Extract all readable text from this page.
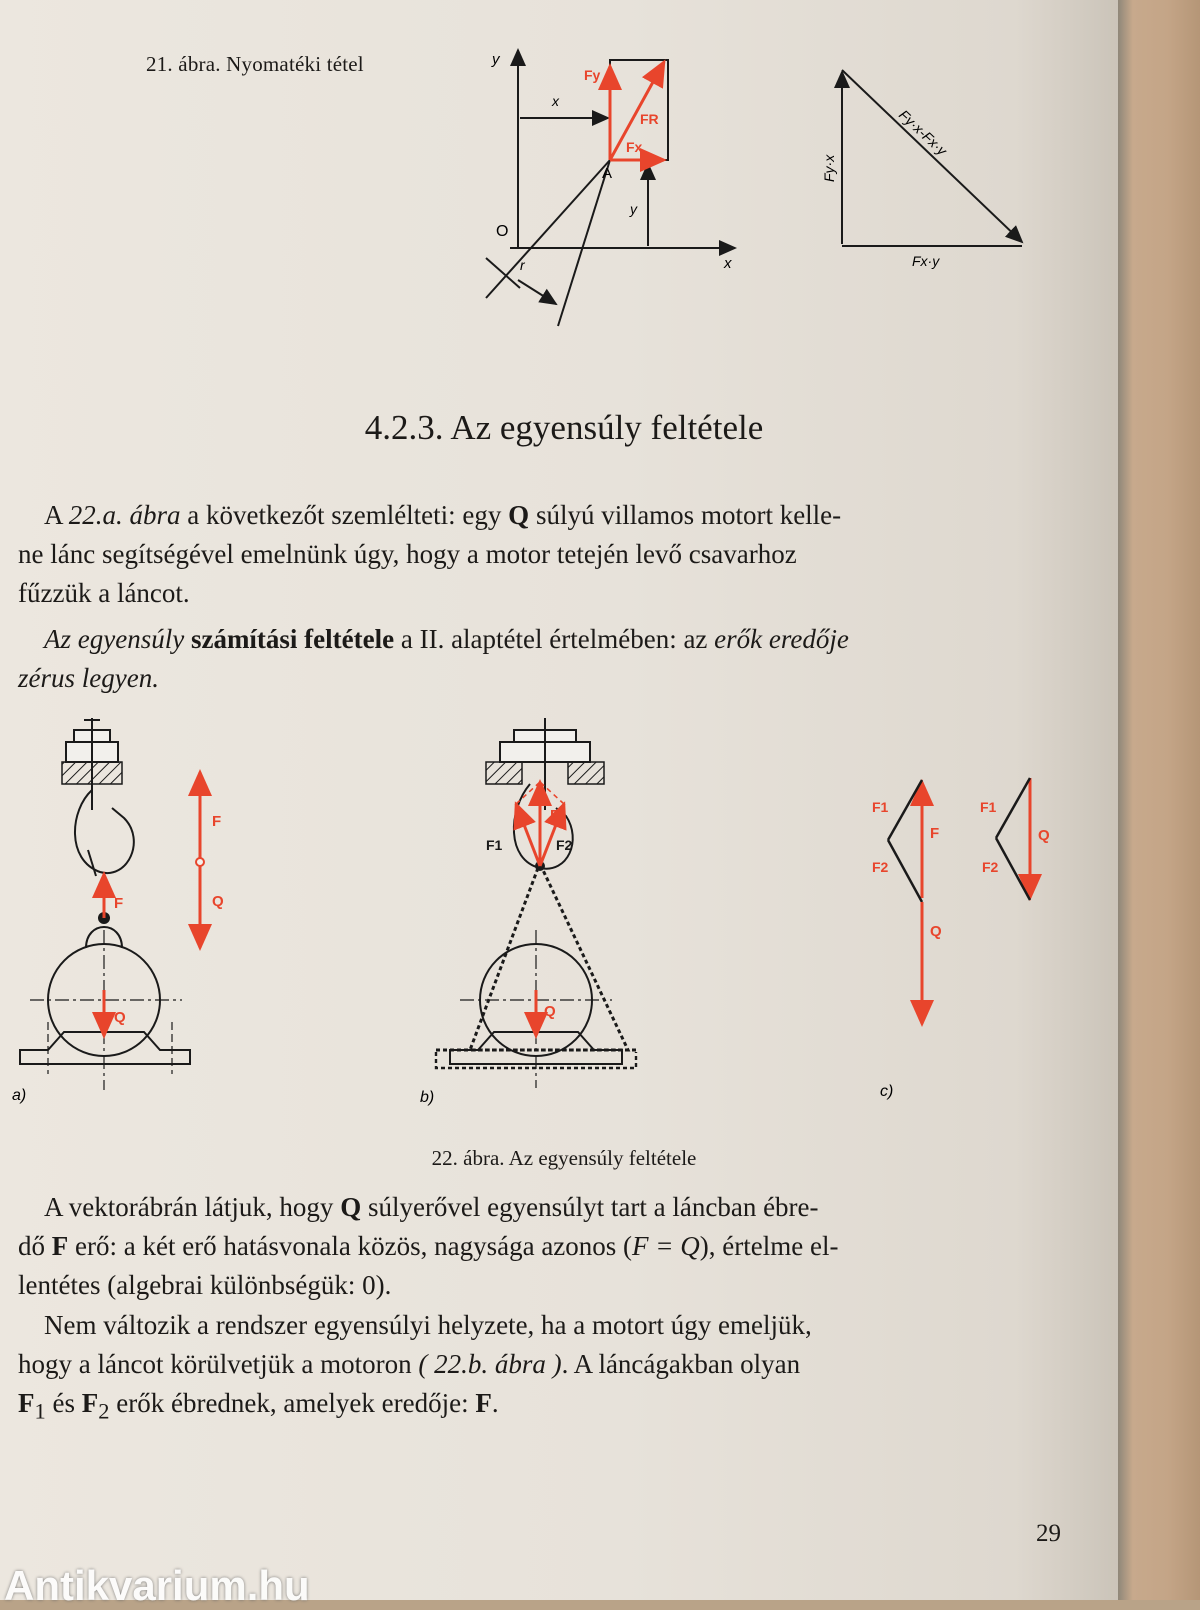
21. ábra. Nyomatéki tétel	y
x
O
x
y
r
A
Fy
FR
Fx
Fy·x
Fy·x-Fx·y
Fx·y
4.2.3. Az egyensúly feltétele

A 22.a. ábra a következőt szemlélteti: egy Q súlyú villamos motort kelle-
ne lánc segítségével emelnünk úgy, hogy a motor tetején levő csavarhoz
fűzzük a láncot.

Az egyensúly számítási feltétele a II. alaptétel értelmében: az erők eredője
zérus legyen.

F
Q
F
Q
a)
F
F1	F2
Q
b)
F1
F
F2
Q
F1
Q
F2
c)
22. ábra. Az egyensúly feltétele

A vektorábrán látjuk, hogy Q súlyerővel egyensúlyt tart a láncban ébre-
dő F erő: a két erő hatásvonala közös, nagysága azonos (F = Q), értelme el-
lentétes (algebrai különbségük: 0).

Nem változik a rendszer egyensúlyi helyzete, ha a motort úgy emeljük,
hogy a láncot körülvetjük a motoron ( 22.b. ábra ). A láncágakban olyan
$F_1$ és $F_2$ erők ébrednek, amelyek eredője: F.

29
Antikvarium.hu
